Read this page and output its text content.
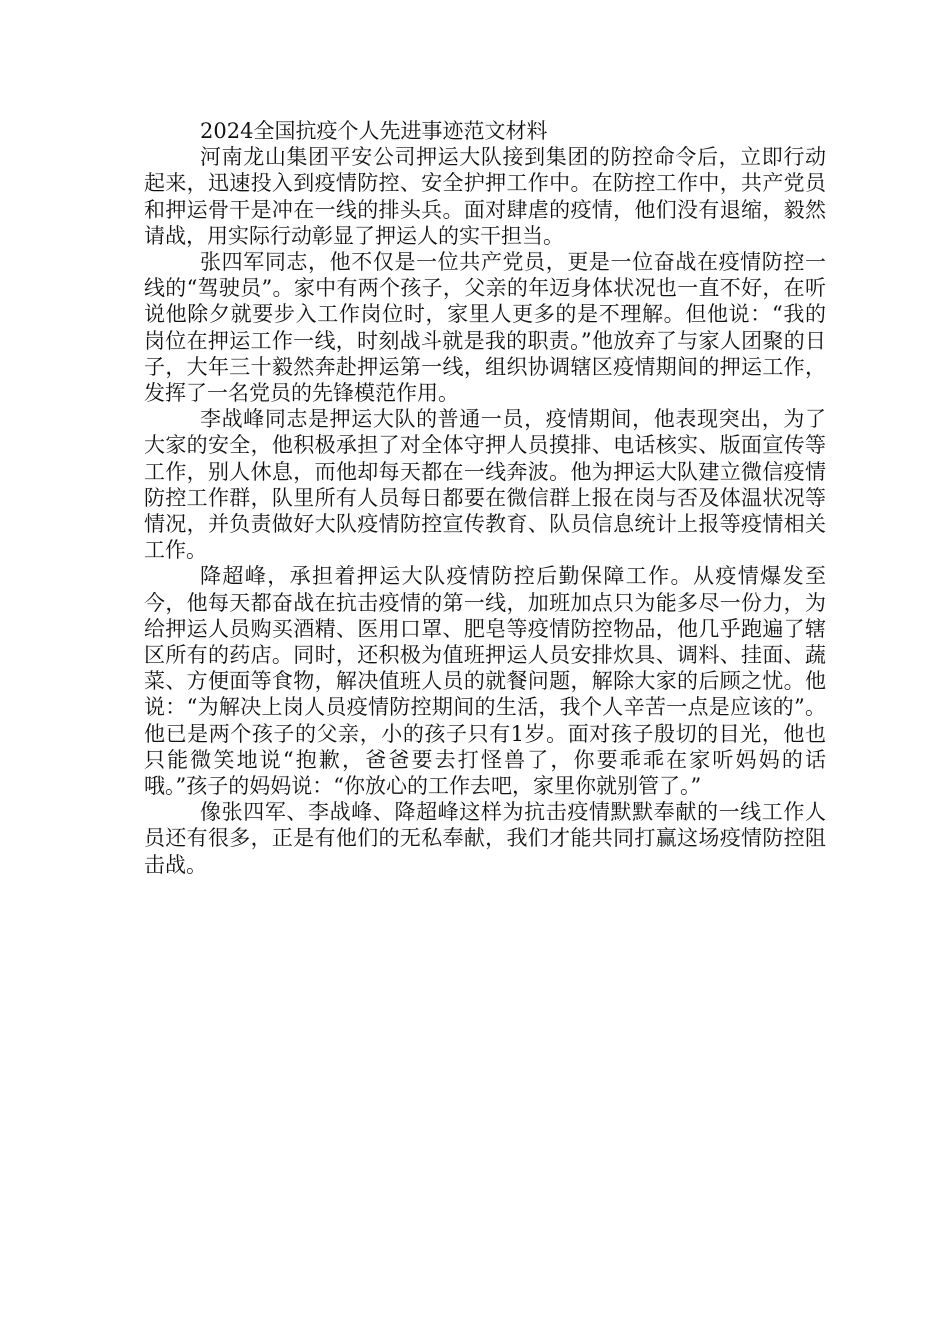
2024全国抗疫个人先进事迹范文材料

河南龙山集团平安公司押运大队接到集团的防控命令后，立即行动起来，迅速投入到疫情防控、安全护押工作中。在防控工作中，共产党员和押运骨干是冲在一线的排头兵。面对肆虐的疫情，他们没有退缩，毅然请战，用实际行动彰显了押运人的实干担当。

张四军同志，他不仅是一位共产党员，更是一位奋战在疫情防控一线的“驾驶员”。家中有两个孩子，父亲的年迈身体状况也一直不好，在听说他除夕就要步入工作岗位时，家里人更多的是不理解。但他说：“我的岗位在押运工作一线，时刻战斗就是我的职责。”他放弃了与家人团聚的日子，大年三十毅然奔赴押运第一线，组织协调辖区疫情期间的押运工作，发挥了一名党员的先锋模范作用。

李战峰同志是押运大队的普通一员，疫情期间，他表现突出，为了大家的安全，他积极承担了对全体守押人员摸排、电话核实、版面宣传等工作，别人休息，而他却每天都在一线奔波。他为押运大队建立微信疫情防控工作群，队里所有人员每日都要在微信群上报在岗与否及体温状况等情况，并负责做好大队疫情防控宣传教育、队员信息统计上报等疫情相关工作。

降超峰，承担着押运大队疫情防控后勤保障工作。从疫情爆发至今，他每天都奋战在抗击疫情的第一线，加班加点只为能多尽一份力，为给押运人员购买酒精、医用口罩、肥皂等疫情防控物品，他几乎跑遍了辖区所有的药店。同时，还积极为值班押运人员安排炊具、调料、挂面、蔬菜、方便面等食物，解决值班人员的就餐问题，解除大家的后顾之忧。他说：“为解决上岗人员疫情防控期间的生活，我个人辛苦一点是应该的”。他已是两个孩子的父亲，小的孩子只有1岁。面对孩子殷切的目光，他也只能微笑地说“抱歉，爸爸要去打怪兽了，你要乖乖在家听妈妈的话哦。”孩子的妈妈说：“你放心的工作去吧，家里你就别管了。”

像张四军、李战峰、降超峰这样为抗击疫情默默奉献的一线工作人员还有很多，正是有他们的无私奉献，我们才能共同打赢这场疫情防控阻击战。
